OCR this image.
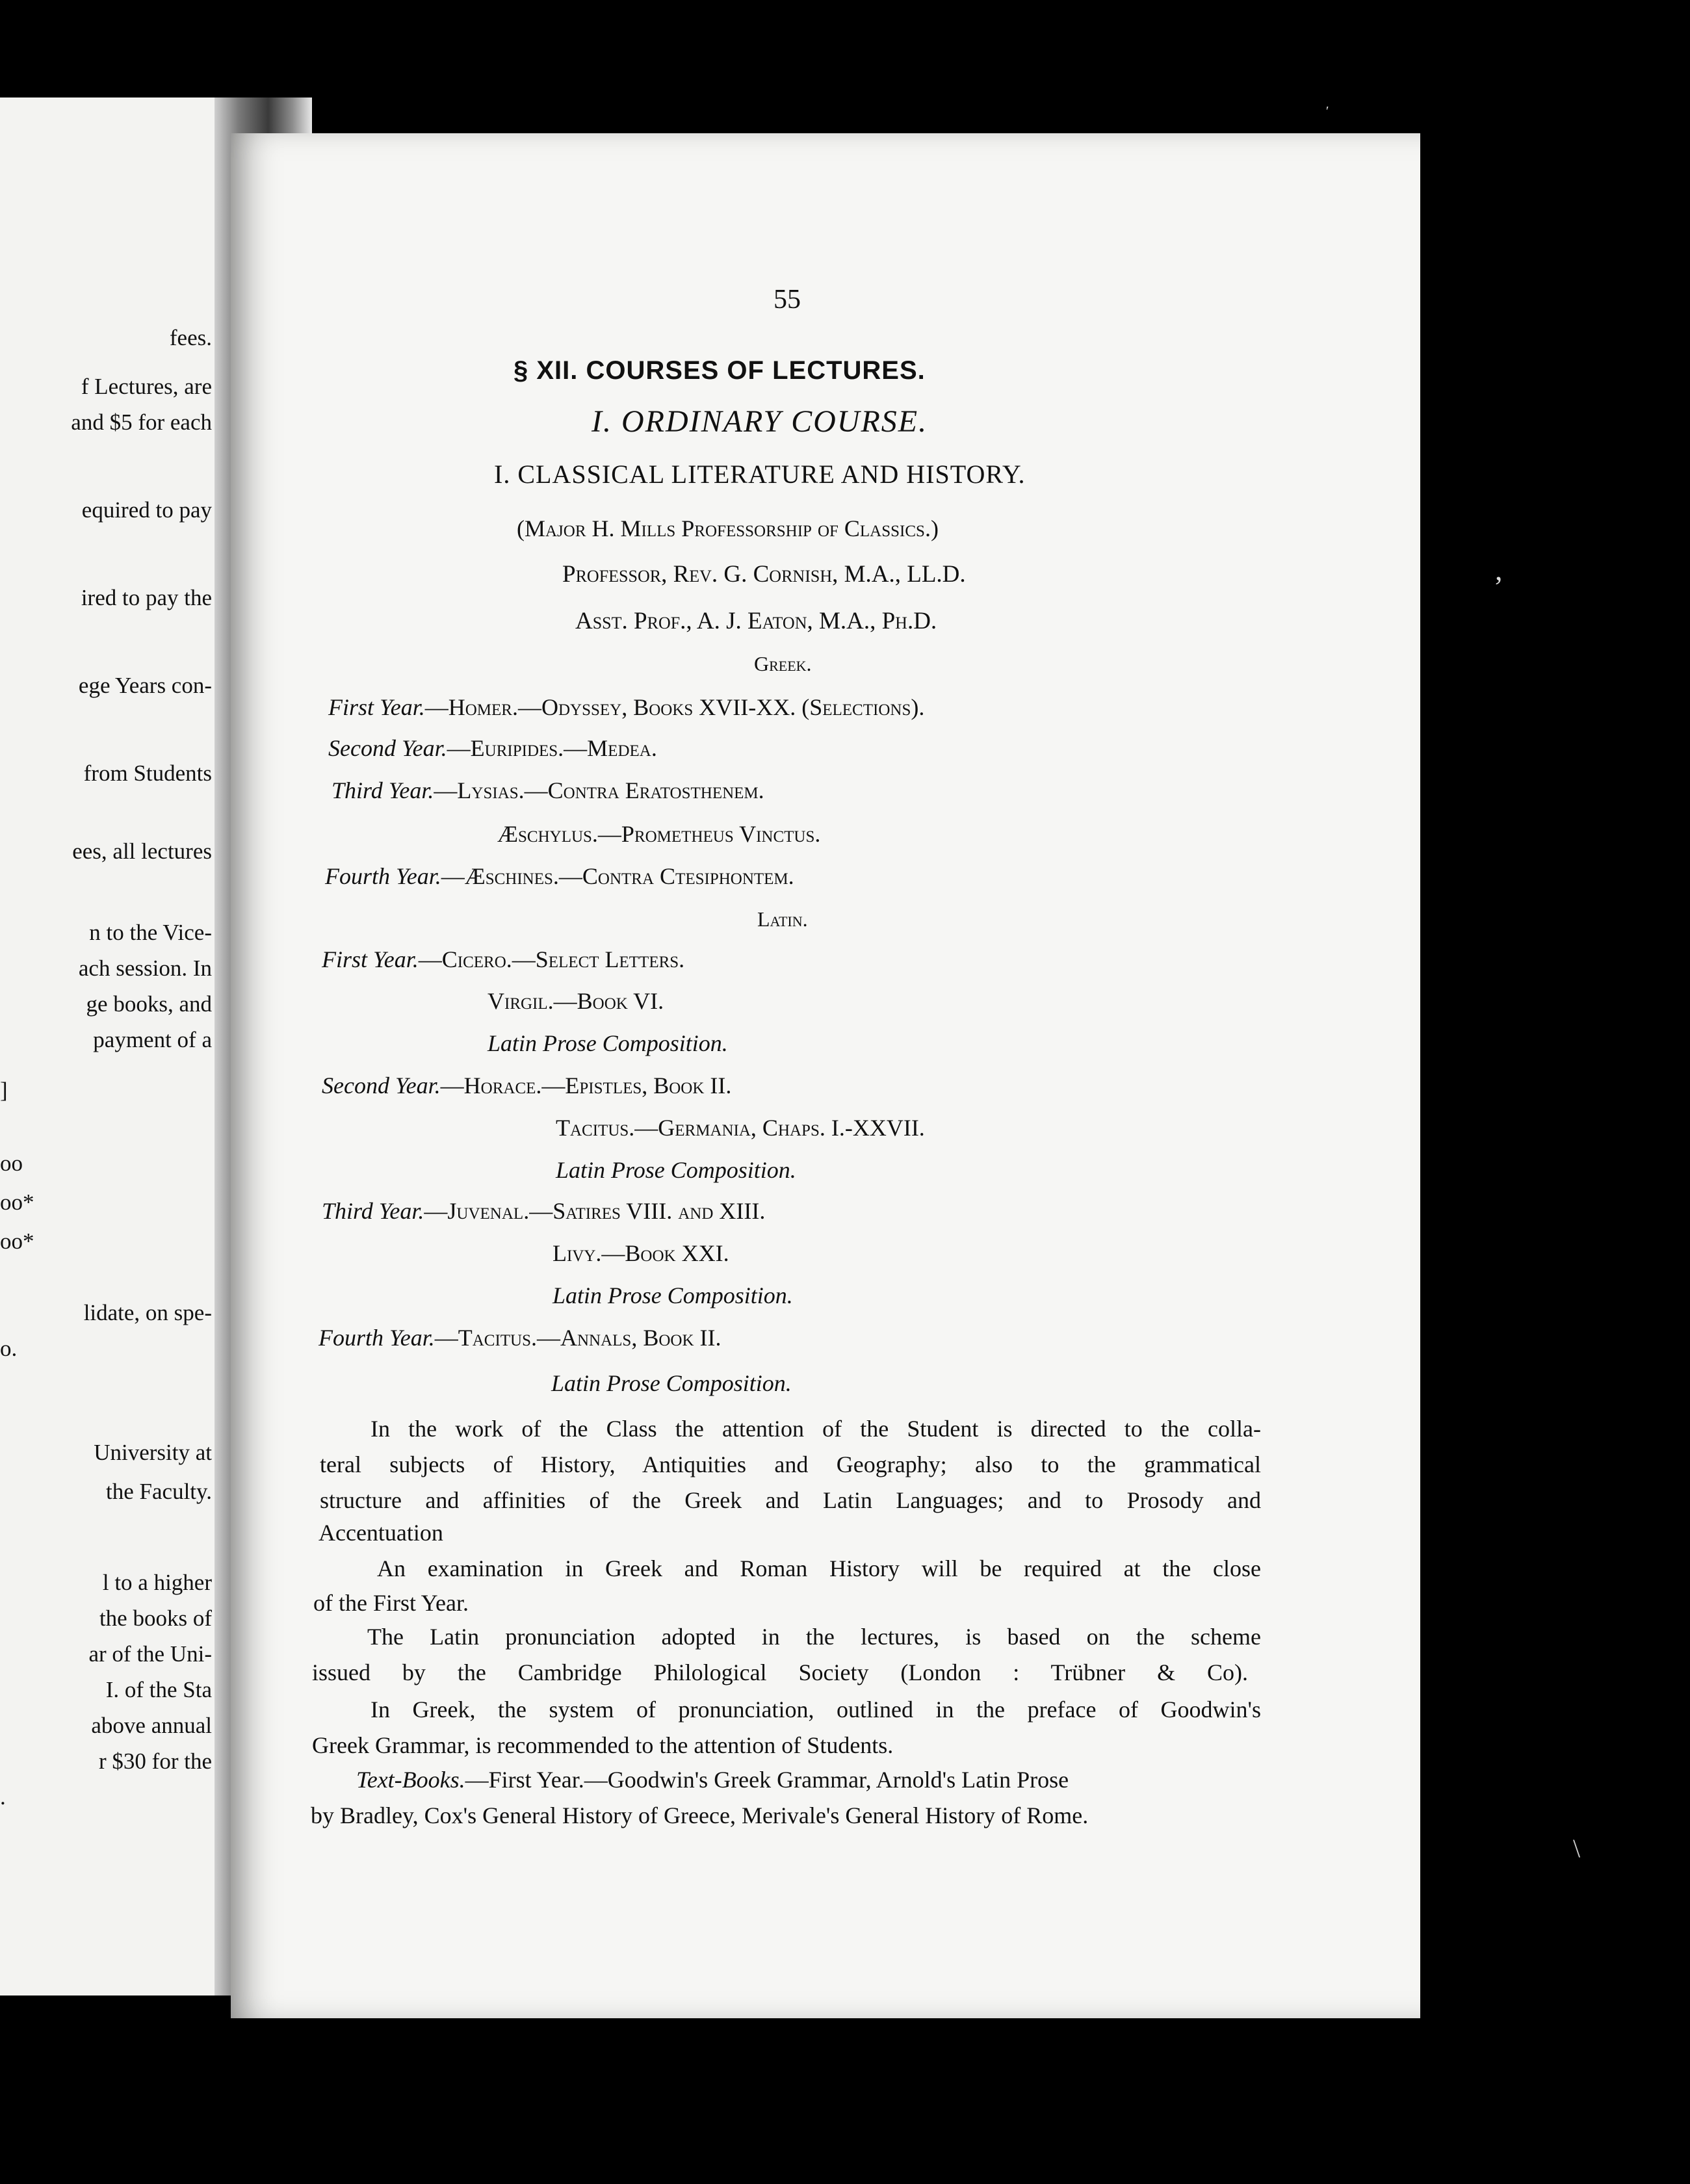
fees.
f Lectures, are
and $5 for each
equired to pay
ired to pay the
ege Years con-
from Students
ees, all lectures
n to the Vice-
ach session. In
ge books, and
payment of a
]
oo
oo*
oo*
lidate, on spe-
o.
University at
the Faculty.
l to a higher
the books of
ar of the Uni-
I. of the Sta
above annual
r $30 for the
.
55
§ XII. COURSES OF LECTURES.
I. ORDINARY COURSE.
I. CLASSICAL LITERATURE AND HISTORY.
(Major H. Mills Professorship of Classics.)
Professor, Rev. G. Cornish, M.A., LL.D.
Asst. Prof., A. J. Eaton, M.A., Ph.D.
Greek.
First Year.—Homer.—Odyssey, Books XVII-XX. (Selections).
Second Year.—Euripides.—Medea.
Third Year.—Lysias.—Contra Eratosthenem.
Æschylus.—Prometheus Vinctus.
Fourth Year.—Æschines.—Contra Ctesiphontem.
Latin.
First Year.—Cicero.—Select Letters.
Virgil.—Book VI.
Latin Prose Composition.
Second Year.—Horace.—Epistles, Book II.
Tacitus.—Germania, Chaps. I.-XXVII.
Latin Prose Composition.
Third Year.—Juvenal.—Satires VIII. and XIII.
Livy.—Book XXI.
Latin Prose Composition.
Fourth Year.—Tacitus.—Annals, Book II.
Latin Prose Composition.
In the work of the Class the attention of the Student is directed to the colla-
teral subjects of History, Antiquities and Geography; also to the grammatical
structure and affinities of the Greek and Latin Languages; and to Prosody and
Accentuation
An examination in Greek and Roman History will be required at the close
of the First Year.
The Latin pronunciation adopted in the lectures, is based on the scheme
issued by the Cambridge Philological Society (London : Trübner & Co).
In Greek, the system of pronunciation, outlined in the preface of Goodwin's
Greek Grammar, is recommended to the attention of Students.
Text-Books.—First Year.—Goodwin's Greek Grammar, Arnold's Latin Prose
by Bradley, Cox's General History of Greece, Merivale's General History of Rome.
,
′
\
